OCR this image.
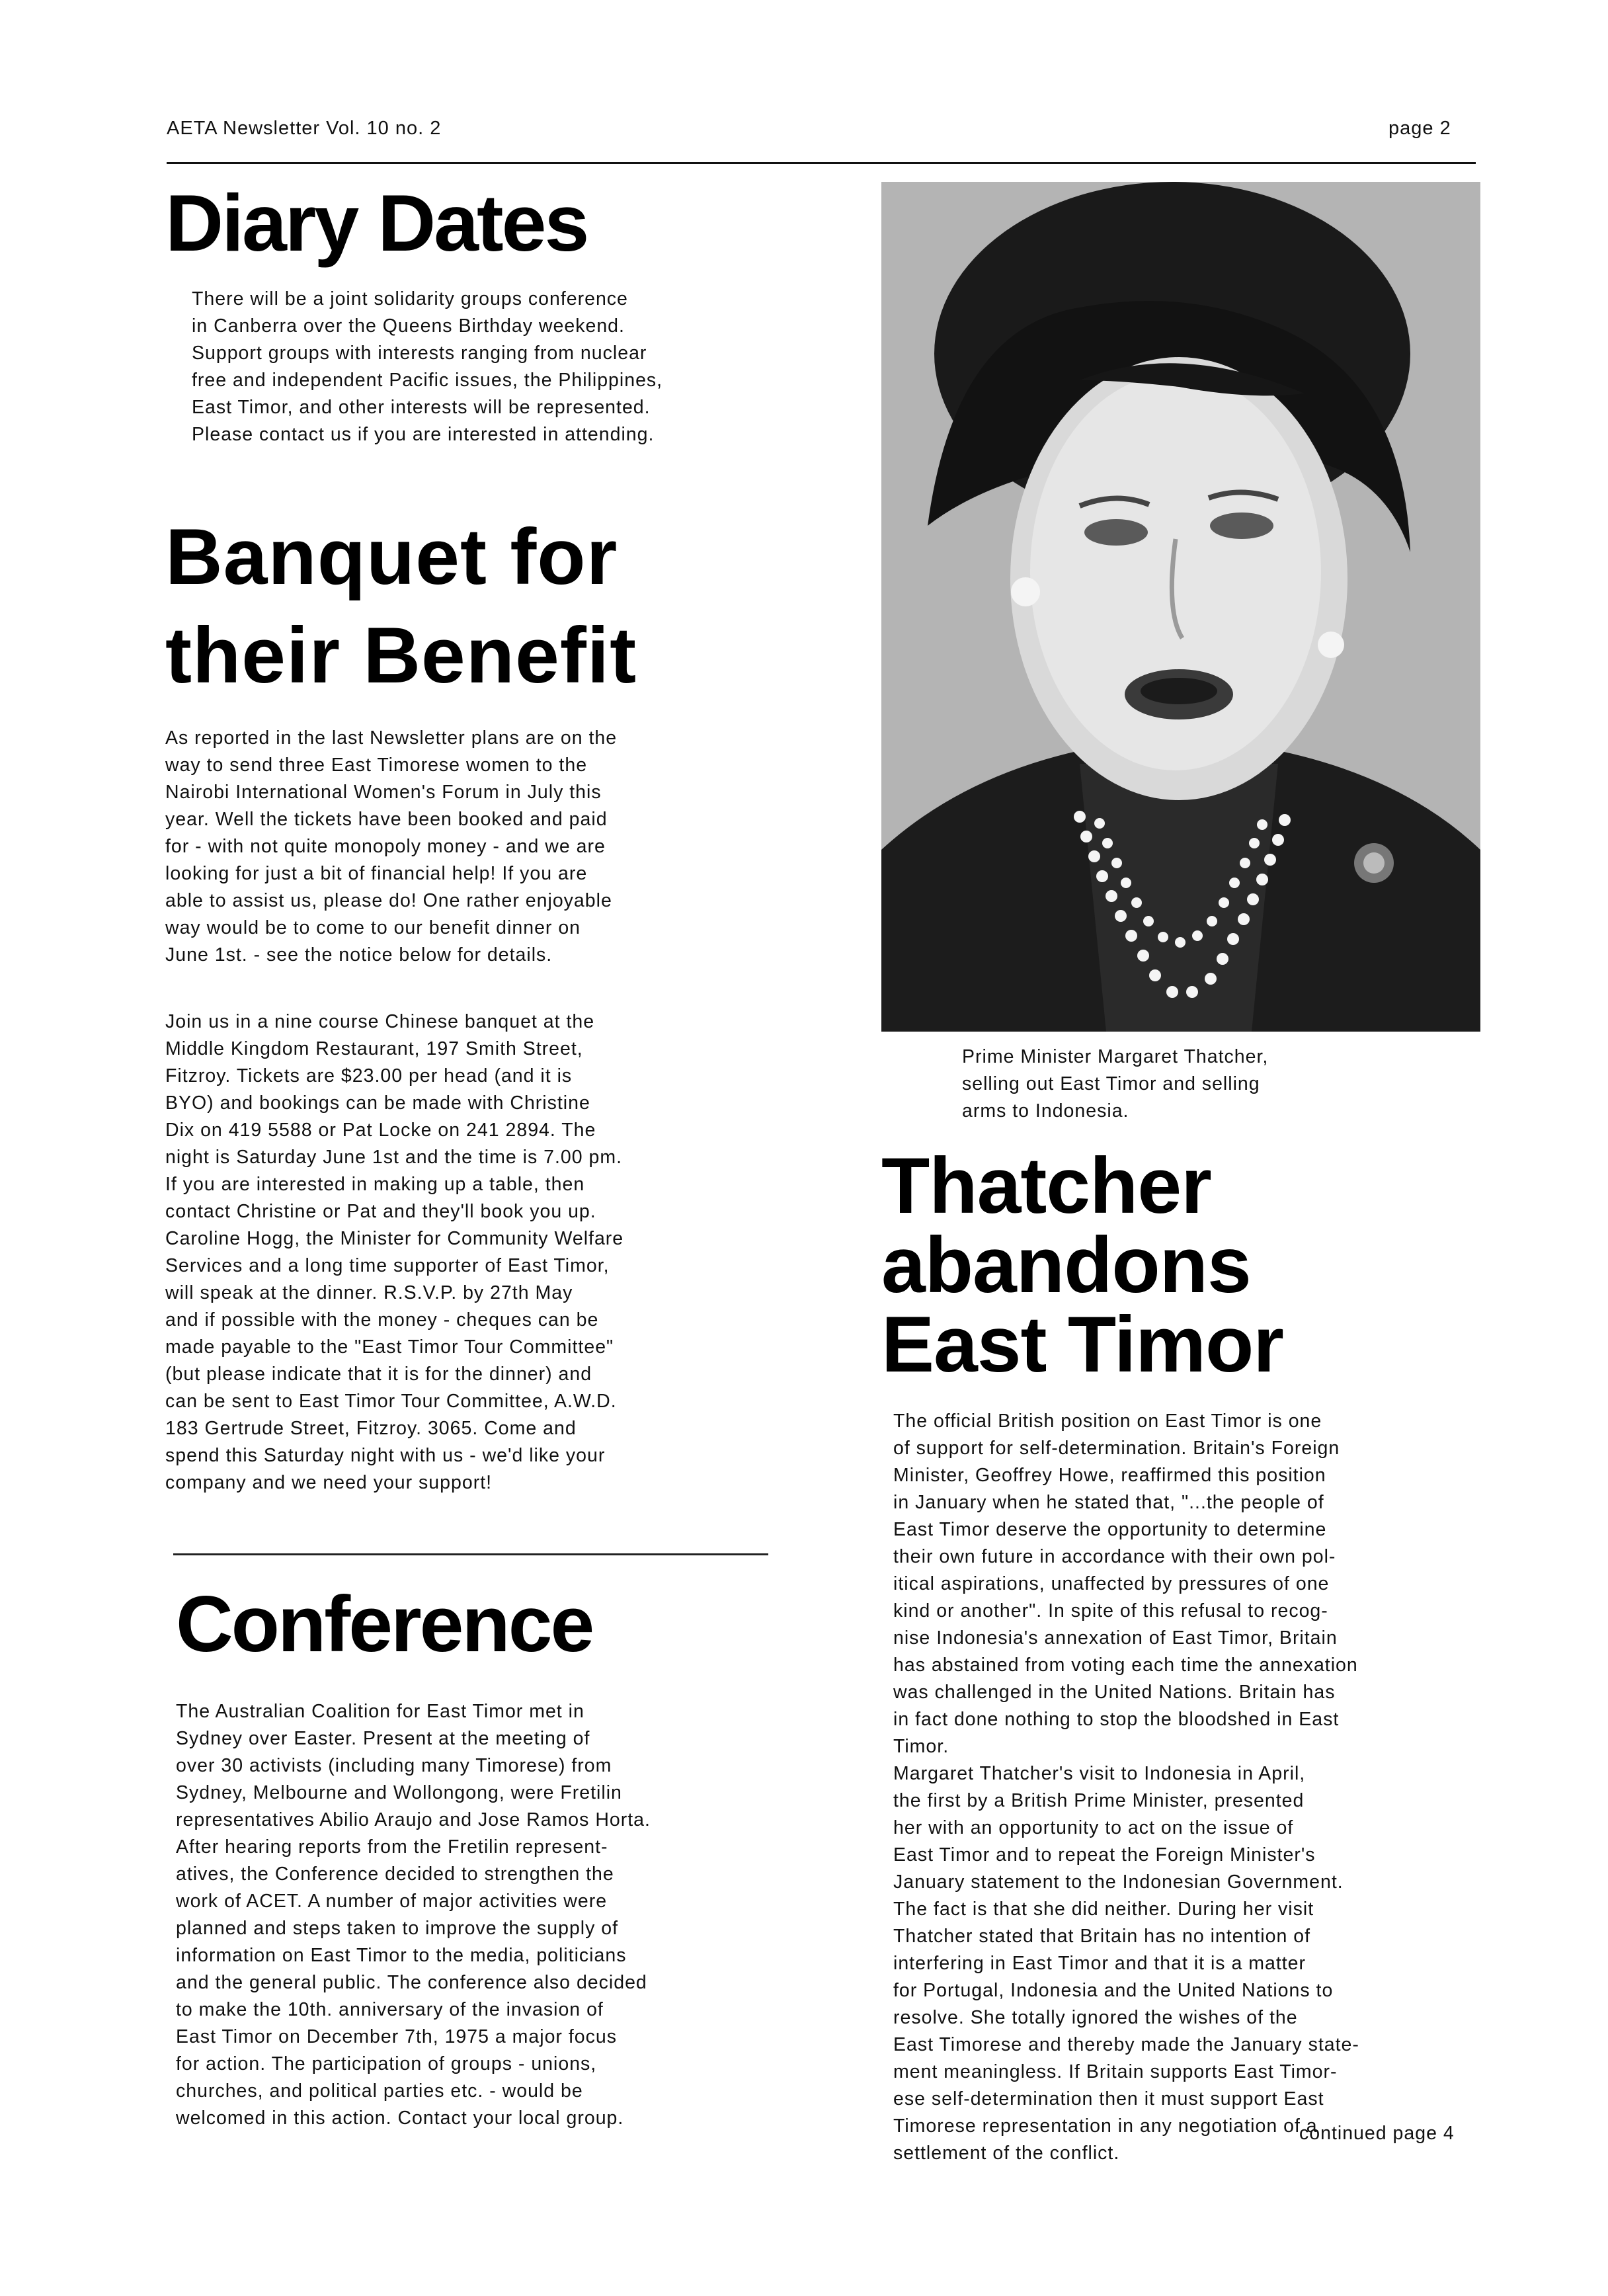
AETA Newsletter Vol. 10 no. 2	page 2
Diary Dates

There will be a joint solidarity groups conference
in Canberra over the Queens Birthday weekend.
Support groups with interests ranging from nuclear
free and independent Pacific issues, the Philippines,
East Timor, and other interests will be represented.
Please contact us if you are interested in attending.

Banquet for
their Benefit

As reported in the last Newsletter plans are on the
way to send three East Timorese women to the
Nairobi International Women's Forum in July this
year. Well the tickets have been booked and paid
for - with not quite monopoly money - and we are
looking for just a bit of financial help! If you are
able to assist us, please do! One rather enjoyable
way would be to come to our benefit dinner on
June 1st. - see the notice below for details.

Join us in a nine course Chinese banquet at the
Middle Kingdom Restaurant, 197 Smith Street,
Fitzroy. Tickets are $23.00 per head (and it is
BYO) and bookings can be made with Christine
Dix on 419 5588 or Pat Locke on 241 2894. The
night is Saturday June 1st and the time is 7.00 pm.
If you are interested in making up a table, then
contact Christine or Pat and they'll book you up.
Caroline Hogg, the Minister for Community Welfare
Services and a long time supporter of East Timor,
will speak at the dinner. R.S.V.P. by 27th May
and if possible with the money - cheques can be
made payable to the "East Timor Tour Committee"
(but please indicate that it is for the dinner) and
can be sent to East Timor Tour Committee, A.W.D.
183 Gertrude Street, Fitzroy. 3065. Come and
spend this Saturday night with us - we'd like your
company and we need your support!

Conference

The Australian Coalition for East Timor met in
Sydney over Easter. Present at the meeting of
over 30 activists (including many Timorese) from
Sydney, Melbourne and Wollongong, were Fretilin
representatives Abilio Araujo and Jose Ramos Horta.
After hearing reports from the Fretilin represent-
atives, the Conference decided to strengthen the
work of ACET. A number of major activities were
planned and steps taken to improve the supply of
information on East Timor to the media, politicians
and the general public. The conference also decided
to make the 10th. anniversary of the invasion of
East Timor on December 7th, 1975 a major focus
for action. The participation of groups - unions,
churches, and political parties etc. - would be
welcomed in this action. Contact your local group.

Prime Minister Margaret Thatcher,
selling out East Timor and selling
arms to Indonesia.

Thatcher
abandons
East Timor

The official British position on East Timor is one
of support for self-determination. Britain's Foreign
Minister, Geoffrey Howe, reaffirmed this position
in January when he stated that, "...the people of
East Timor deserve the opportunity to determine
their own future in accordance with their own pol-
itical aspirations, unaffected by pressures of one
kind or another". In spite of this refusal to recog-
nise Indonesia's annexation of East Timor, Britain
has abstained from voting each time the annexation
was challenged in the United Nations. Britain has
in fact done nothing to stop the bloodshed in East
Timor.
Margaret Thatcher's visit to Indonesia in April,
the first by a British Prime Minister, presented
her with an opportunity to act on the issue of
East Timor and to repeat the Foreign Minister's
January statement to the Indonesian Government.
The fact is that she did neither. During her visit
Thatcher stated that Britain has no intention of
interfering in East Timor and that it is a matter
for Portugal, Indonesia and the United Nations to
resolve. She totally ignored the wishes of the
East Timorese and thereby made the January state-
ment meaningless. If Britain supports East Timor-
ese self-determination then it must support East
Timorese representation in any negotiation of a
settlement of the conflict.

continued page 4
